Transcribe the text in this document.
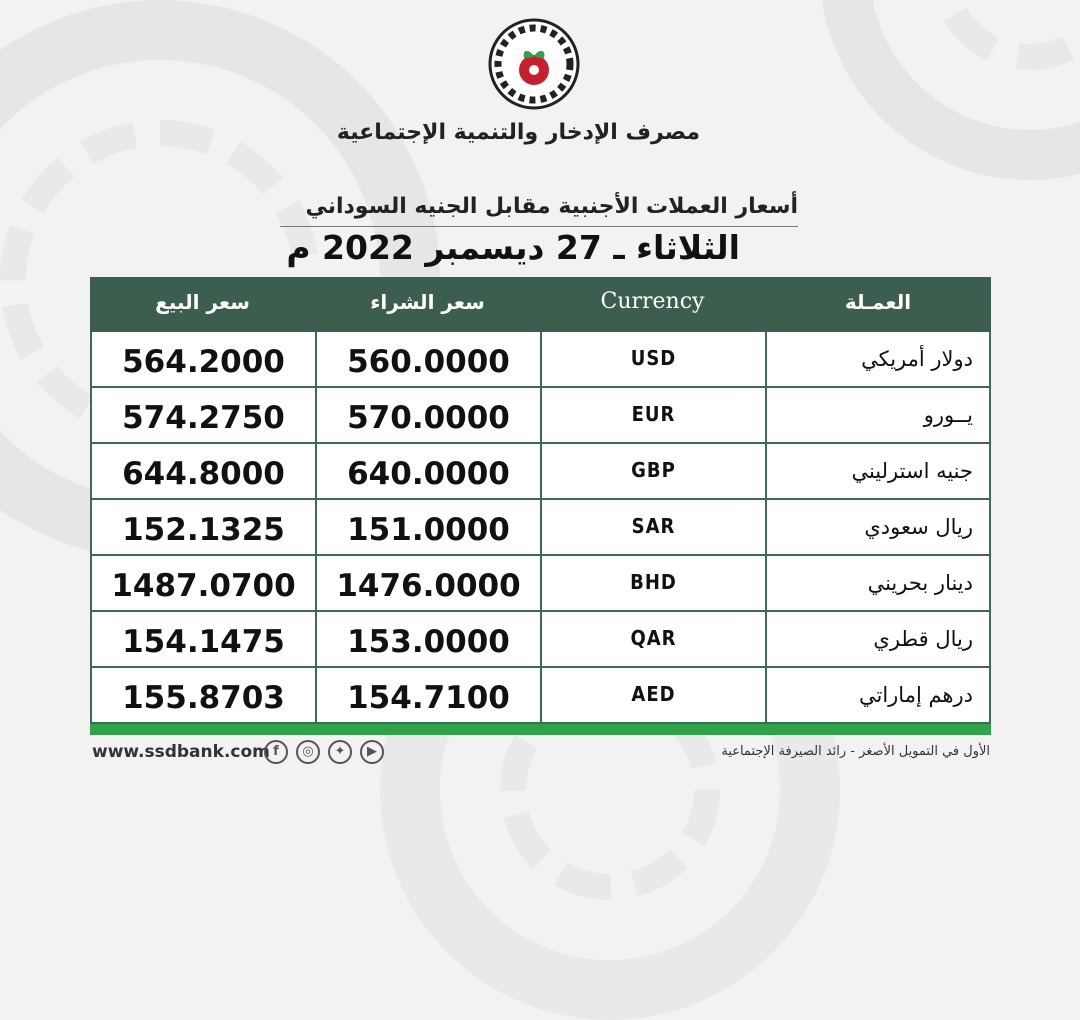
مصرف الإدخار والتنمية الإجتماعية
أسعار العملات الأجنبية مقابل الجنيه السوداني
الثلاثاء ـ 27 ديسمبر 2022 م
سعر البيع	سعر الشراء	Currency	العمـلة
564.2000	560.0000	USD	دولار أمريكي
574.2750	570.0000	EUR	يــورو
644.8000	640.0000	GBP	جنيه استرليني
152.1325	151.0000	SAR	ريال سعودي
1487.0700	1476.0000	BHD	دينار بحريني
154.1475	153.0000	QAR	ريال قطري
155.8703	154.7100	AED	درهم إماراتي
www.ssdbank.com f	◎	✦	▶	الأول في التمويل الأصغر - رائد الصيرفة الإجتماعية
